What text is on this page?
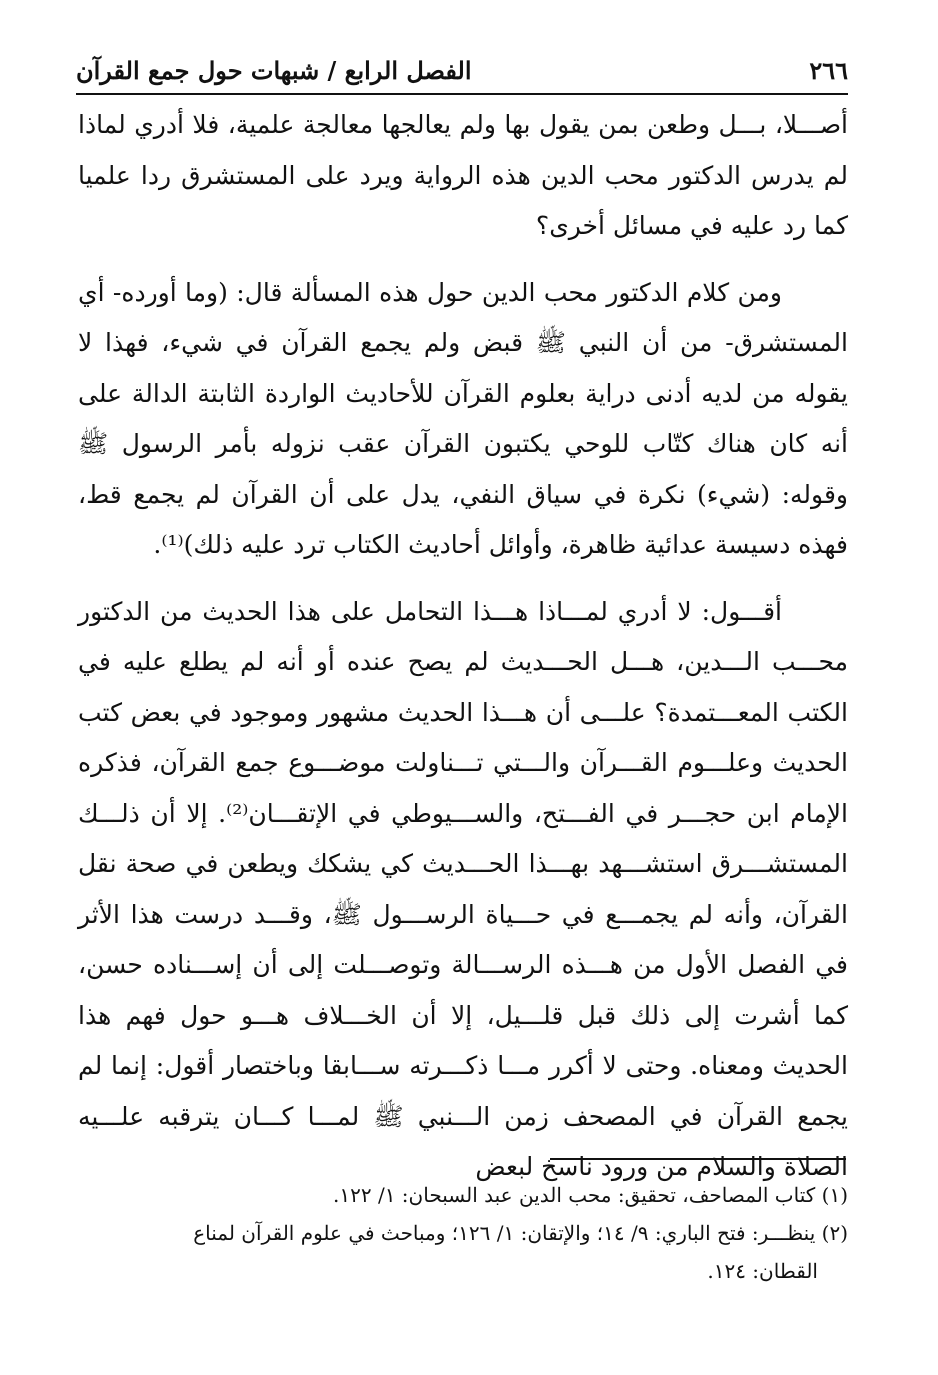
٢٦٦
الفصل الرابع / شبهات حول جمع القرآن

أصـــلا، بـــل وطعن بمن يقول بها ولم يعالجها معالجة علمية، فلا أدري لماذا لم يدرس الدكتور محب الدين هذه الرواية ويرد على المستشرق ردا علميا كما رد عليه في مسائل أخرى؟

ومن كلام الدكتور محب الدين حول هذه المسألة قال: (وما أورده- أي المستشرق- من أن النبي ﷺ قبض ولم يجمع القرآن في شيء، فهذا لا يقوله من لديه أدنى دراية بعلوم القرآن للأحاديث الواردة الثابتة الدالة على أنه كان هناك كتّاب للوحي يكتبون القرآن عقب نزوله بأمر الرسول ﷺ وقوله: (شيء) نكرة في سياق النفي، يدل على أن القرآن لم يجمع قط، فهذه دسيسة عدائية ظاهرة، وأوائل أحاديث الكتاب ترد عليه ذلك)⁽¹⁾.

أقـــول: لا أدري لمـــاذا هـــذا التحامل على هذا الحديث من الدكتور محـــب الـــدين، هـــل الحـــديث لم يصح عنده أو أنه لم يطلع عليه في الكتب المعـــتمدة؟ علـــى أن هـــذا الحديث مشهور وموجود في بعض كتب الحديث وعلـــوم القـــرآن والـــتي تـــناولت موضـــوع جمع القرآن، فذكره الإمام ابن حجـــر في الفـــتح، والســـيوطي في الإتقـــان⁽²⁾. إلا أن ذلـــك المستشـــرق استشـــهد بهـــذا الحـــديث كي يشكك ويطعن في صحة نقل القرآن، وأنه لم يجمـــع في حـــياة الرســـول ﷺ، وقـــد درست هذا الأثر في الفصل الأول من هـــذه الرســـالة وتوصـــلت إلى أن إســـناده حسن، كما أشرت إلى ذلك قبل قلـــيل، إلا أن الخـــلاف هـــو حول فهم هذا الحديث ومعناه. وحتى لا أكرر مـــا ذكـــرته ســـابقا وباختصار أقول: إنما لم يجمع القرآن في المصحف زمن الـــنبي ﷺ لمـــا كـــان يترقبه علـــيه الصلاة والسلام من ورود ناسخ لبعض

(١) كتاب المصاحف، تحقيق: محب الدين عبد السبحان: ١/ ١٢٢.

(٢) ينظـــر: فتح الباري: ٩/ ١٤؛ والإتقان: ١/ ١٢٦؛ ومباحث في علوم القرآن لمناع

القطان: ١٢٤.
